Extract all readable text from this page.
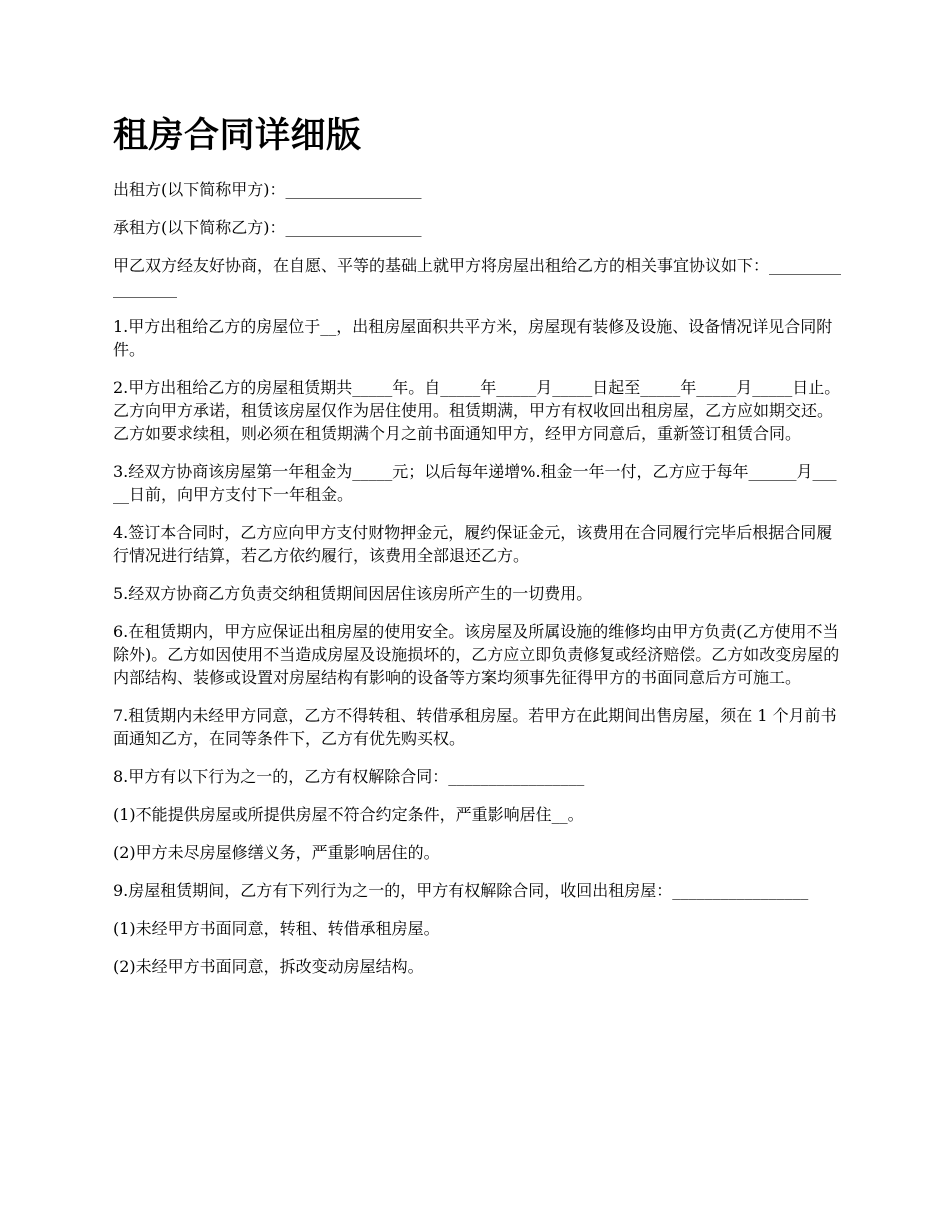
租房合同详细版

出租方(以下简称甲方)：_________________

承租方(以下简称乙方)：_________________

甲乙双方经友好协商，在自愿、平等的基础上就甲方将房屋出租给乙方的相关事宜协议如下：_________________

1.甲方出租给乙方的房屋位于__，出租房屋面积共平方米，房屋现有装修及设施、设备情况详见合同附件。

2.甲方出租给乙方的房屋租赁期共_____年。自_____年_____月_____日起至_____年_____月_____日止。乙方向甲方承诺，租赁该房屋仅作为居住使用。租赁期满，甲方有权收回出租房屋，乙方应如期交还。乙方如要求续租，则必须在租赁期满个月之前书面通知甲方，经甲方同意后，重新签订租赁合同。

3.经双方协商该房屋第一年租金为_____元；以后每年递增%.租金一年一付，乙方应于每年______月_____日前，向甲方支付下一年租金。

4.签订本合同时，乙方应向甲方支付财物押金元，履约保证金元，该费用在合同履行完毕后根据合同履行情况进行结算，若乙方依约履行，该费用全部退还乙方。

5.经双方协商乙方负责交纳租赁期间因居住该房所产生的一切费用。

6.在租赁期内，甲方应保证出租房屋的使用安全。该房屋及所属设施的维修均由甲方负责(乙方使用不当除外)。乙方如因使用不当造成房屋及设施损坏的，乙方应立即负责修复或经济赔偿。乙方如改变房屋的内部结构、装修或设置对房屋结构有影响的设备等方案均须事先征得甲方的书面同意后方可施工。

7.租赁期内未经甲方同意，乙方不得转租、转借承租房屋。若甲方在此期间出售房屋，须在 1 个月前书面通知乙方，在同等条件下，乙方有优先购买权。

8.甲方有以下行为之一的，乙方有权解除合同：_________________

(1)不能提供房屋或所提供房屋不符合约定条件，严重影响居住__。

(2)甲方未尽房屋修缮义务，严重影响居住的。

9.房屋租赁期间，乙方有下列行为之一的，甲方有权解除合同，收回出租房屋：_________________

(1)未经甲方书面同意，转租、转借承租房屋。

(2)未经甲方书面同意，拆改变动房屋结构。
